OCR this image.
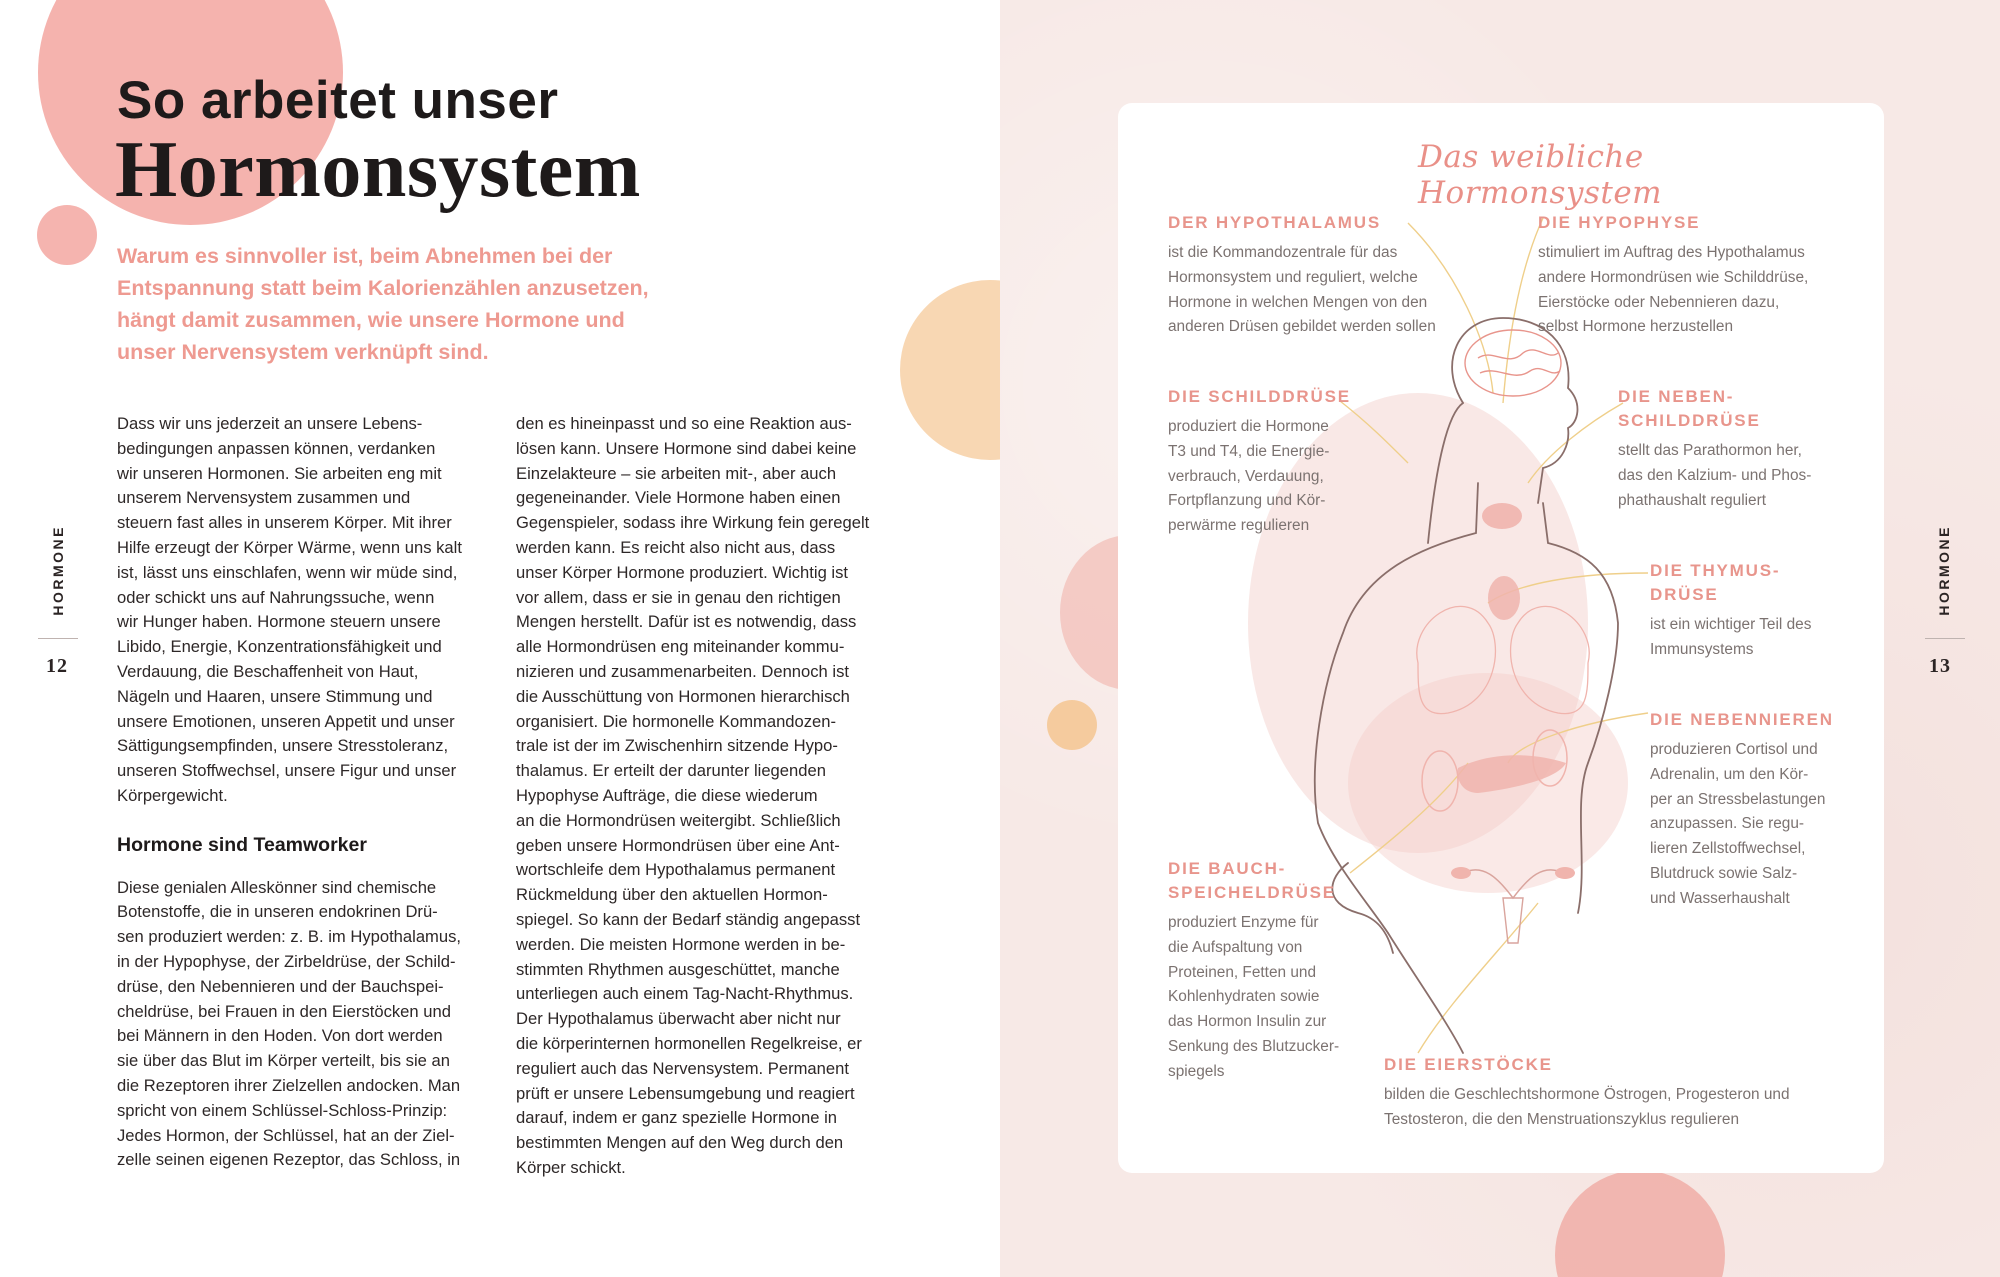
So arbeitet unser
Hormonsystem

Warum es sinnvoller ist, beim Abnehmen bei der Entspannung statt beim Kalorienzählen anzusetzen, hängt damit zusammen, wie unsere Hormone und unser Nervensystem verknüpft sind.

Dass wir uns jederzeit an unsere Lebens-
bedingungen anpassen können, verdanken
wir unseren Hormonen. Sie arbeiten eng mit
unserem Nervensystem zusammen und
steuern fast alles in unserem Körper. Mit ihrer
Hilfe erzeugt der Körper Wärme, wenn uns kalt
ist, lässt uns einschlafen, wenn wir müde sind,
oder schickt uns auf Nahrungssuche, wenn
wir Hunger haben. Hormone steuern unsere
Libido, Energie, Konzentrationsfähigkeit und
Verdauung, die Beschaffenheit von Haut,
Nägeln und Haaren, unsere Stimmung und
unsere Emotionen, unseren Appetit und unser
Sättigungsempfinden, unsere Stresstoleranz,
unseren Stoffwechsel, unsere Figur und unser
Körpergewicht.

Hormone sind Teamworker

Diese genialen Alleskönner sind chemische
Botenstoffe, die in unseren endokrinen Drü-
sen produziert werden: z. B. im Hypothalamus,
in der Hypophyse, der Zirbeldrüse, der Schild-
drüse, den Nebennieren und der Bauchspei-
cheldrüse, bei Frauen in den Eierstöcken und
bei Männern in den Hoden. Von dort werden
sie über das Blut im Körper verteilt, bis sie an
die Rezeptoren ihrer Zielzellen andocken. Man
spricht von einem Schlüssel-Schloss-Prinzip:
Jedes Hormon, der Schlüssel, hat an der Ziel-
zelle seinen eigenen Rezeptor, das Schloss, in

den es hineinpasst und so eine Reaktion aus-
lösen kann. Unsere Hormone sind dabei keine
Einzelakteure – sie arbeiten mit-, aber auch
gegeneinander. Viele Hormone haben einen
Gegenspieler, sodass ihre Wirkung fein geregelt
werden kann. Es reicht also nicht aus, dass
unser Körper Hormone produziert. Wichtig ist
vor allem, dass er sie in genau den richtigen
Mengen herstellt. Dafür ist es notwendig, dass
alle Hormondrüsen eng miteinander kommu-
nizieren und zusammenarbeiten. Dennoch ist
die Ausschüttung von Hormonen hierarchisch
organisiert. Die hormonelle Kommandozen-
trale ist der im Zwischenhirn sitzende Hypo-
thalamus. Er erteilt der darunter liegenden
Hypophyse Aufträge, die diese wiederum
an die Hormondrüsen weitergibt. Schließlich
geben unsere Hormondrüsen über eine Ant-
wortschleife dem Hypothalamus permanent
Rückmeldung über den aktuellen Hormon-
spiegel. So kann der Bedarf ständig angepasst
werden. Die meisten Hormone werden in be-
stimmten Rhythmen ausgeschüttet, manche
unterliegen auch einem Tag-Nacht-Rhythmus.
Der Hypothalamus überwacht aber nicht nur
die körperinternen hormonellen Regelkreise, er
reguliert auch das Nervensystem. Permanent
prüft er unsere Lebensumgebung und reagiert
darauf, indem er ganz spezielle Hormone in
bestimmten Mengen auf den Weg durch den
Körper schickt.

HORMONE
12
HORMONE
13

Das weibliche Hormonsystem

DER HYPOTHALAMUS

ist die Kommandozentrale für das
Hormonsystem und reguliert, welche
Hormone in welchen Mengen von den
anderen Drüsen gebildet werden sollen

DIE HYPOPHYSE

stimuliert im Auftrag des Hypothalamus
andere Hormondrüsen wie Schilddrüse,
Eierstöcke oder Nebennieren dazu,
selbst Hormone herzustellen

DIE SCHILDDRÜSE

produziert die Hormone
T3 und T4, die Energie-
verbrauch, Verdauung,
Fortpflanzung und Kör-
perwärme regulieren

DIE NEBEN-
SCHILDDRÜSE

stellt das Parathormon her,
das den Kalzium- und Phos-
phathaushalt reguliert

DIE THYMUS-
DRÜSE

ist ein wichtiger Teil des
Immunsystems

DIE NEBENNIEREN

produzieren Cortisol und
Adrenalin, um den Kör-
per an Stressbelastungen
anzupassen. Sie regu-
lieren Zellstoffwechsel,
Blutdruck sowie Salz-
und Wasserhaushalt

DIE BAUCH-
SPEICHELDRÜSE

produziert Enzyme für
die Aufspaltung von
Proteinen, Fetten und
Kohlenhydraten sowie
das Hormon Insulin zur
Senkung des Blutzucker-
spiegels	DIE EIERSTÖCKE

bilden die Geschlechtshormone Östrogen, Progesteron und
Testosteron, die den Menstruationszyklus regulieren
